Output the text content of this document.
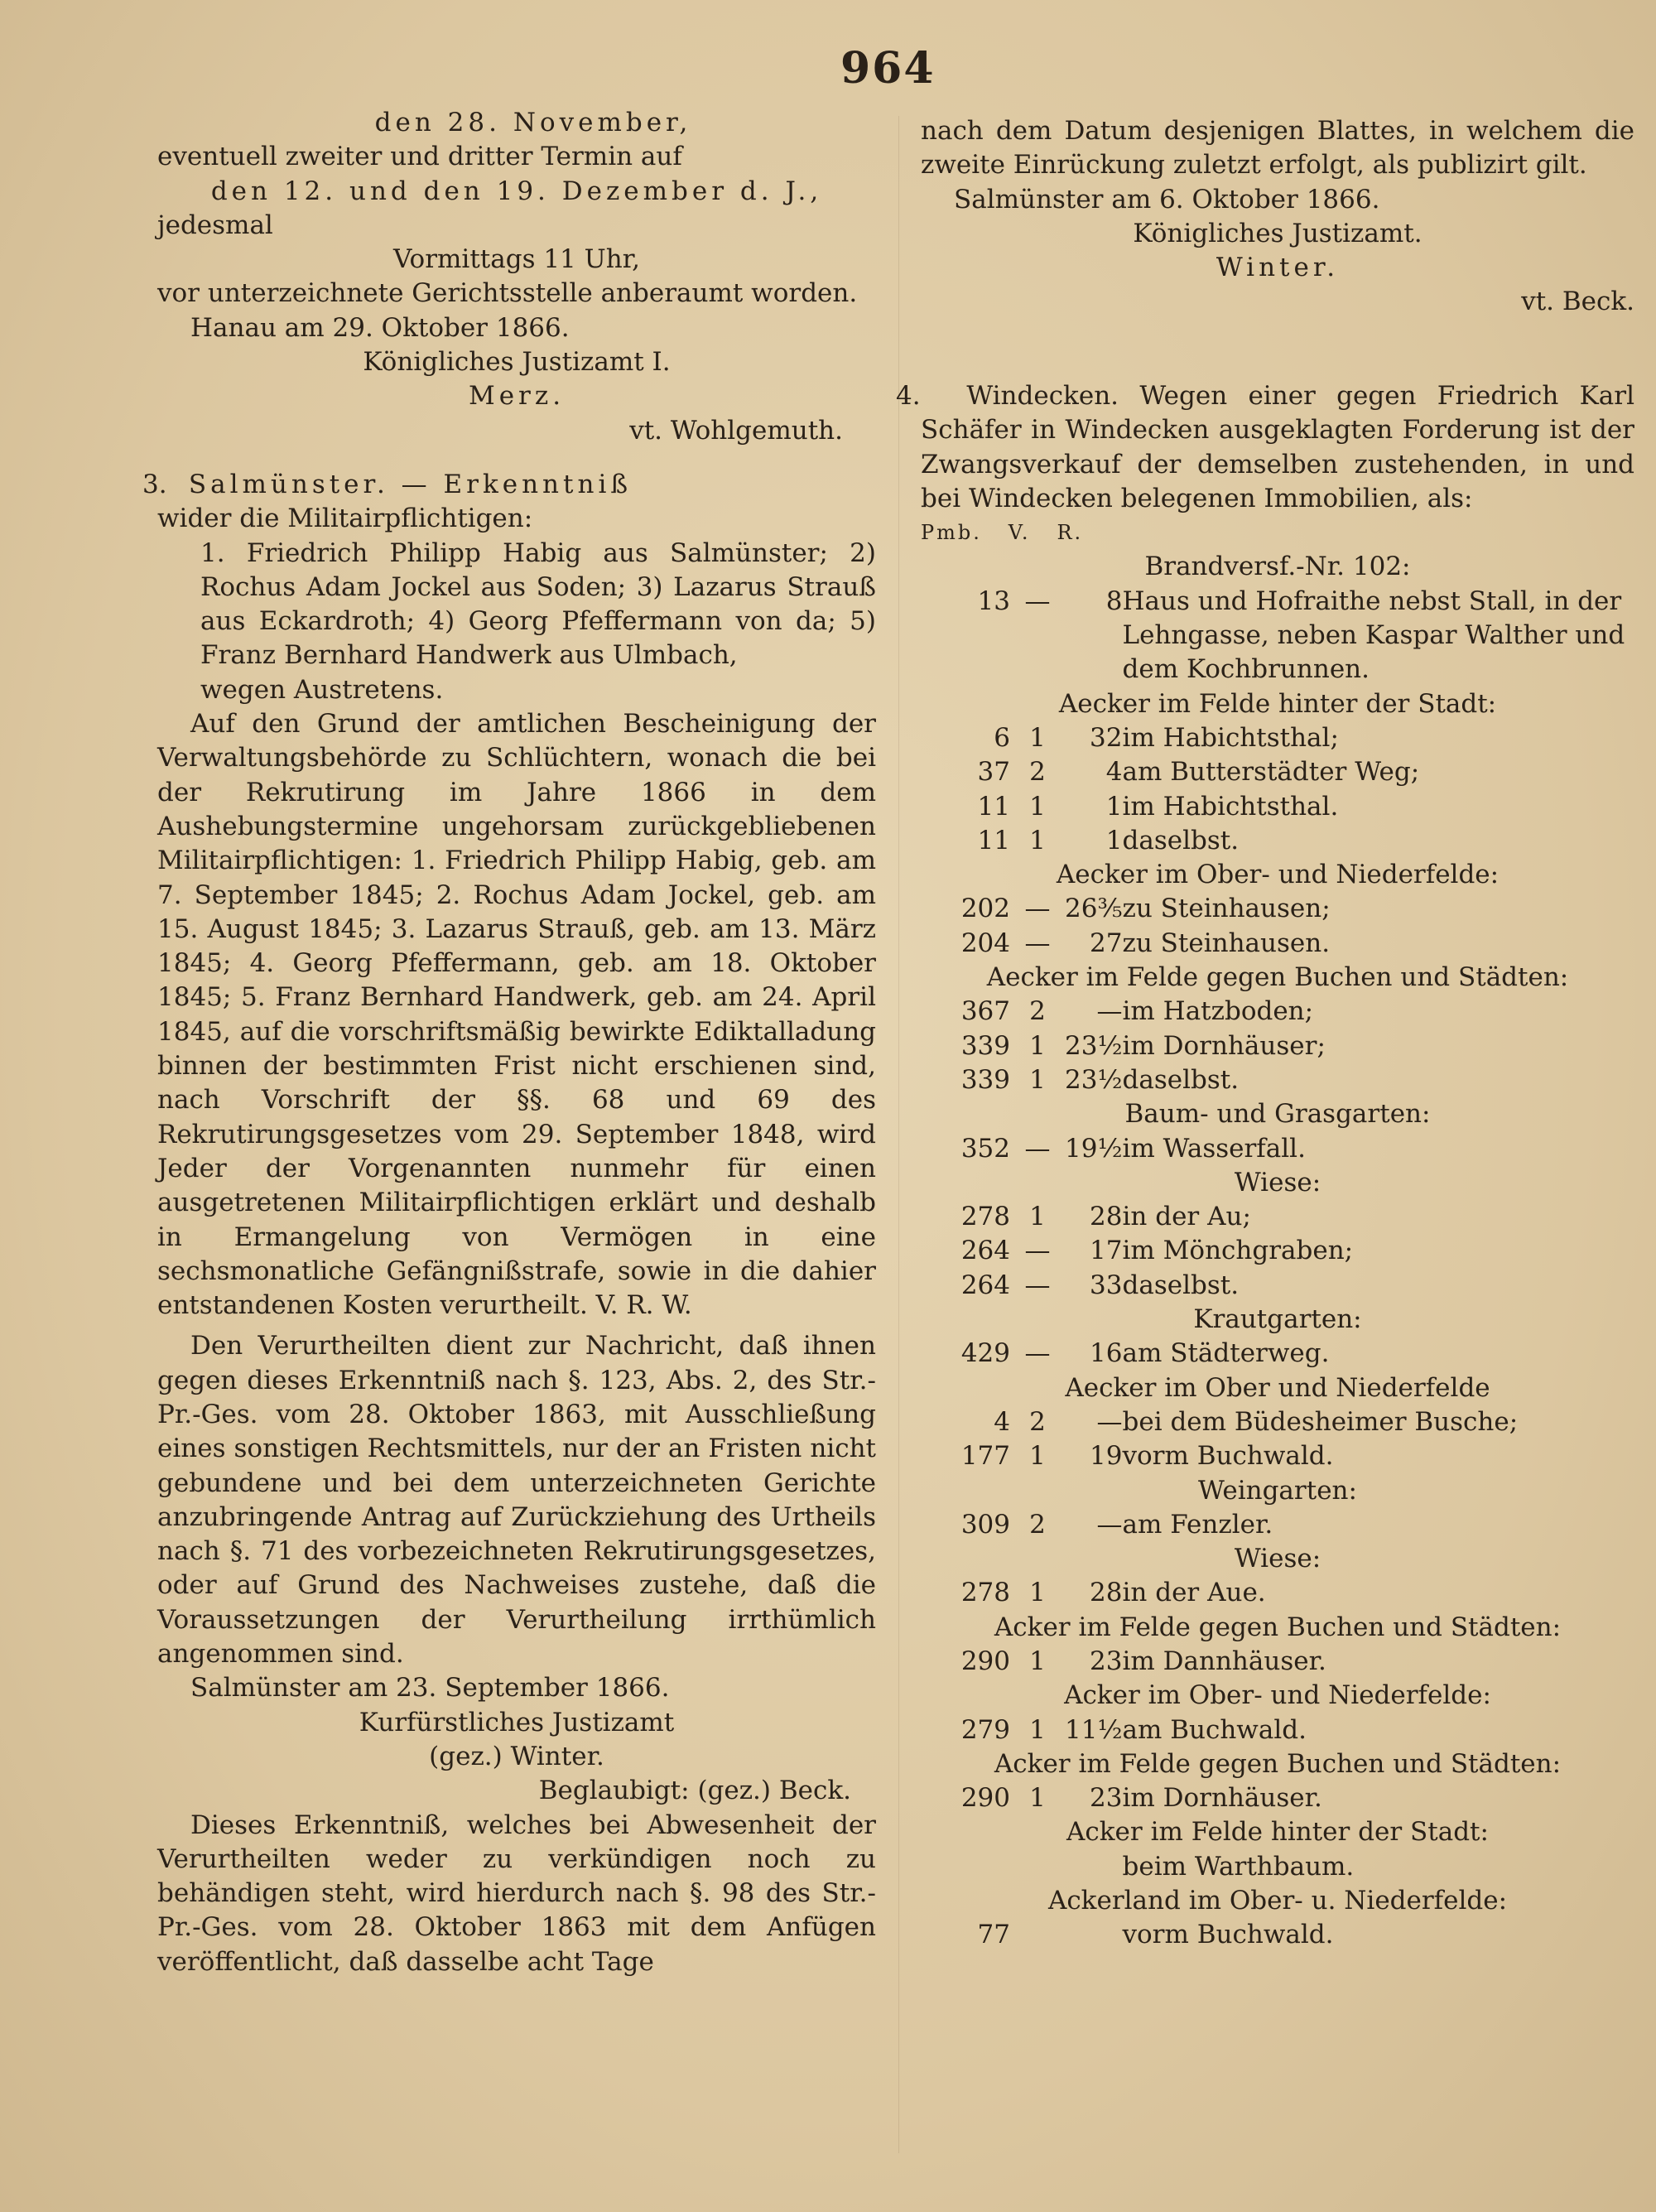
964

den 28. November,

eventuell zweiter und dritter Termin auf

den 12. und den 19. Dezember d. J.,

jedesmal

Vormittags 11 Uhr,

vor unterzeichnete Gerichtsstelle anberaumt worden.

Hanau am 29. Oktober 1866.

Königliches Justizamt I.

Merz.

vt. Wohlgemuth.

3. Salmünster. — Erkenntniß

wider die Militairpflichtigen:

1. Friedrich Philipp Habig aus Salmünster; 2) Rochus Adam Jockel aus Soden; 3) Lazarus Strauß aus Eckardroth; 4) Georg Pfeffermann von da; 5) Franz Bernhard Handwerk aus Ulmbach,

wegen Austretens.

Auf den Grund der amtlichen Bescheinigung der Verwaltungsbehörde zu Schlüchtern, wonach die bei der Rekrutirung im Jahre 1866 in dem Aushebungstermine ungehorsam zurückgebliebenen Militairpflichtigen: 1. Friedrich Philipp Habig, geb. am 7. September 1845; 2. Rochus Adam Jockel, geb. am 15. August 1845; 3. Lazarus Strauß, geb. am 13. März 1845; 4. Georg Pfeffermann, geb. am 18. Oktober 1845; 5. Franz Bernhard Handwerk, geb. am 24. April 1845, auf die vorschriftsmäßig bewirkte Ediktalladung binnen der bestimmten Frist nicht erschienen sind, nach Vorschrift der §§. 68 und 69 des Rekrutirungsgesetzes vom 29. September 1848, wird Jeder der Vorgenannten nunmehr für einen ausgetretenen Militairpflichtigen erklärt und deshalb in Ermangelung von Vermögen in eine sechsmonatliche Gefängnißstrafe, sowie in die dahier entstandenen Kosten verurtheilt. V. R. W.

Den Verurtheilten dient zur Nachricht, daß ihnen gegen dieses Erkenntniß nach §. 123, Abs. 2, des Str.-Pr.-Ges. vom 28. Oktober 1863, mit Ausschließung eines sonstigen Rechtsmittels, nur der an Fristen nicht gebundene und bei dem unterzeichneten Gerichte anzubringende Antrag auf Zurückziehung des Urtheils nach §. 71 des vorbezeichneten Rekrutirungsgesetzes, oder auf Grund des Nachweises zustehe, daß die Voraussetzungen der Verurtheilung irrthümlich angenommen sind.

Salmünster am 23. September 1866.

Kurfürstliches Justizamt

(gez.) Winter.

Beglaubigt: (gez.) Beck.

Dieses Erkenntniß, welches bei Abwesenheit der Verurtheilten weder zu verkündigen noch zu behändigen steht, wird hierdurch nach §. 98 des Str.-Pr.-Ges. vom 28. Oktober 1863 mit dem Anfügen veröffentlicht, daß dasselbe acht Tage

nach dem Datum desjenigen Blattes, in welchem die zweite Einrückung zuletzt erfolgt, als publizirt gilt.

Salmünster am 6. Oktober 1866.

Königliches Justizamt.

Winter.

vt. Beck.

4. Windecken. Wegen einer gegen Friedrich Karl Schäfer in Windecken ausgeklagten Forderung ist der Zwangsverkauf der demselben zustehenden, in und bei Windecken belegenen Immobilien, als:

Pmb. V. R.

Brandversf.-Nr. 102:			
13	—	8	Haus und Hofraithe nebst Stall, in der Lehngasse, neben Kaspar Walther und dem Kochbrunnen.
Aecker im Felde hinter der Stadt:			
6	1	32	im Habichtsthal;
37	2	4	am Butterstädter Weg;
11	1	1	im Habichtsthal.
11	1	1	daselbst.
Aecker im Ober- und Niederfelde:			
202	—	26⅗	zu Steinhausen;
204	—	27	zu Steinhausen.
Aecker im Felde gegen Buchen und Städten:			
367	2	—	im Hatzboden;
339	1	23½	im Dornhäuser;
339	1	23½	daselbst.
Baum- und Grasgarten:			
352	—	19½	im Wasserfall.
Wiese:			
278	1	28	in der Au;
264	—	17	im Mönchgraben;
264	—	33	daselbst.
Krautgarten:			
429	—	16	am Städterweg.
Aecker im Ober und Niederfelde			
4	2	—	bei dem Büdesheimer Busche;
177	1	19	vorm Buchwald.
Weingarten:			
309	2	—	am Fenzler.
Wiese:			
278	1	28	in der Aue.
Acker im Felde gegen Buchen und Städten:			
290	1	23	im Dannhäuser.
Acker im Ober- und Niederfelde:			
279	1	11½	am Buchwald.
Acker im Felde gegen Buchen und Städten:			
290	1	23	im Dornhäuser.
Acker im Felde hinter der Stadt:			
			beim Warthbaum.
Ackerland im Ober- u. Niederfelde:			
77			vorm Buchwald.
